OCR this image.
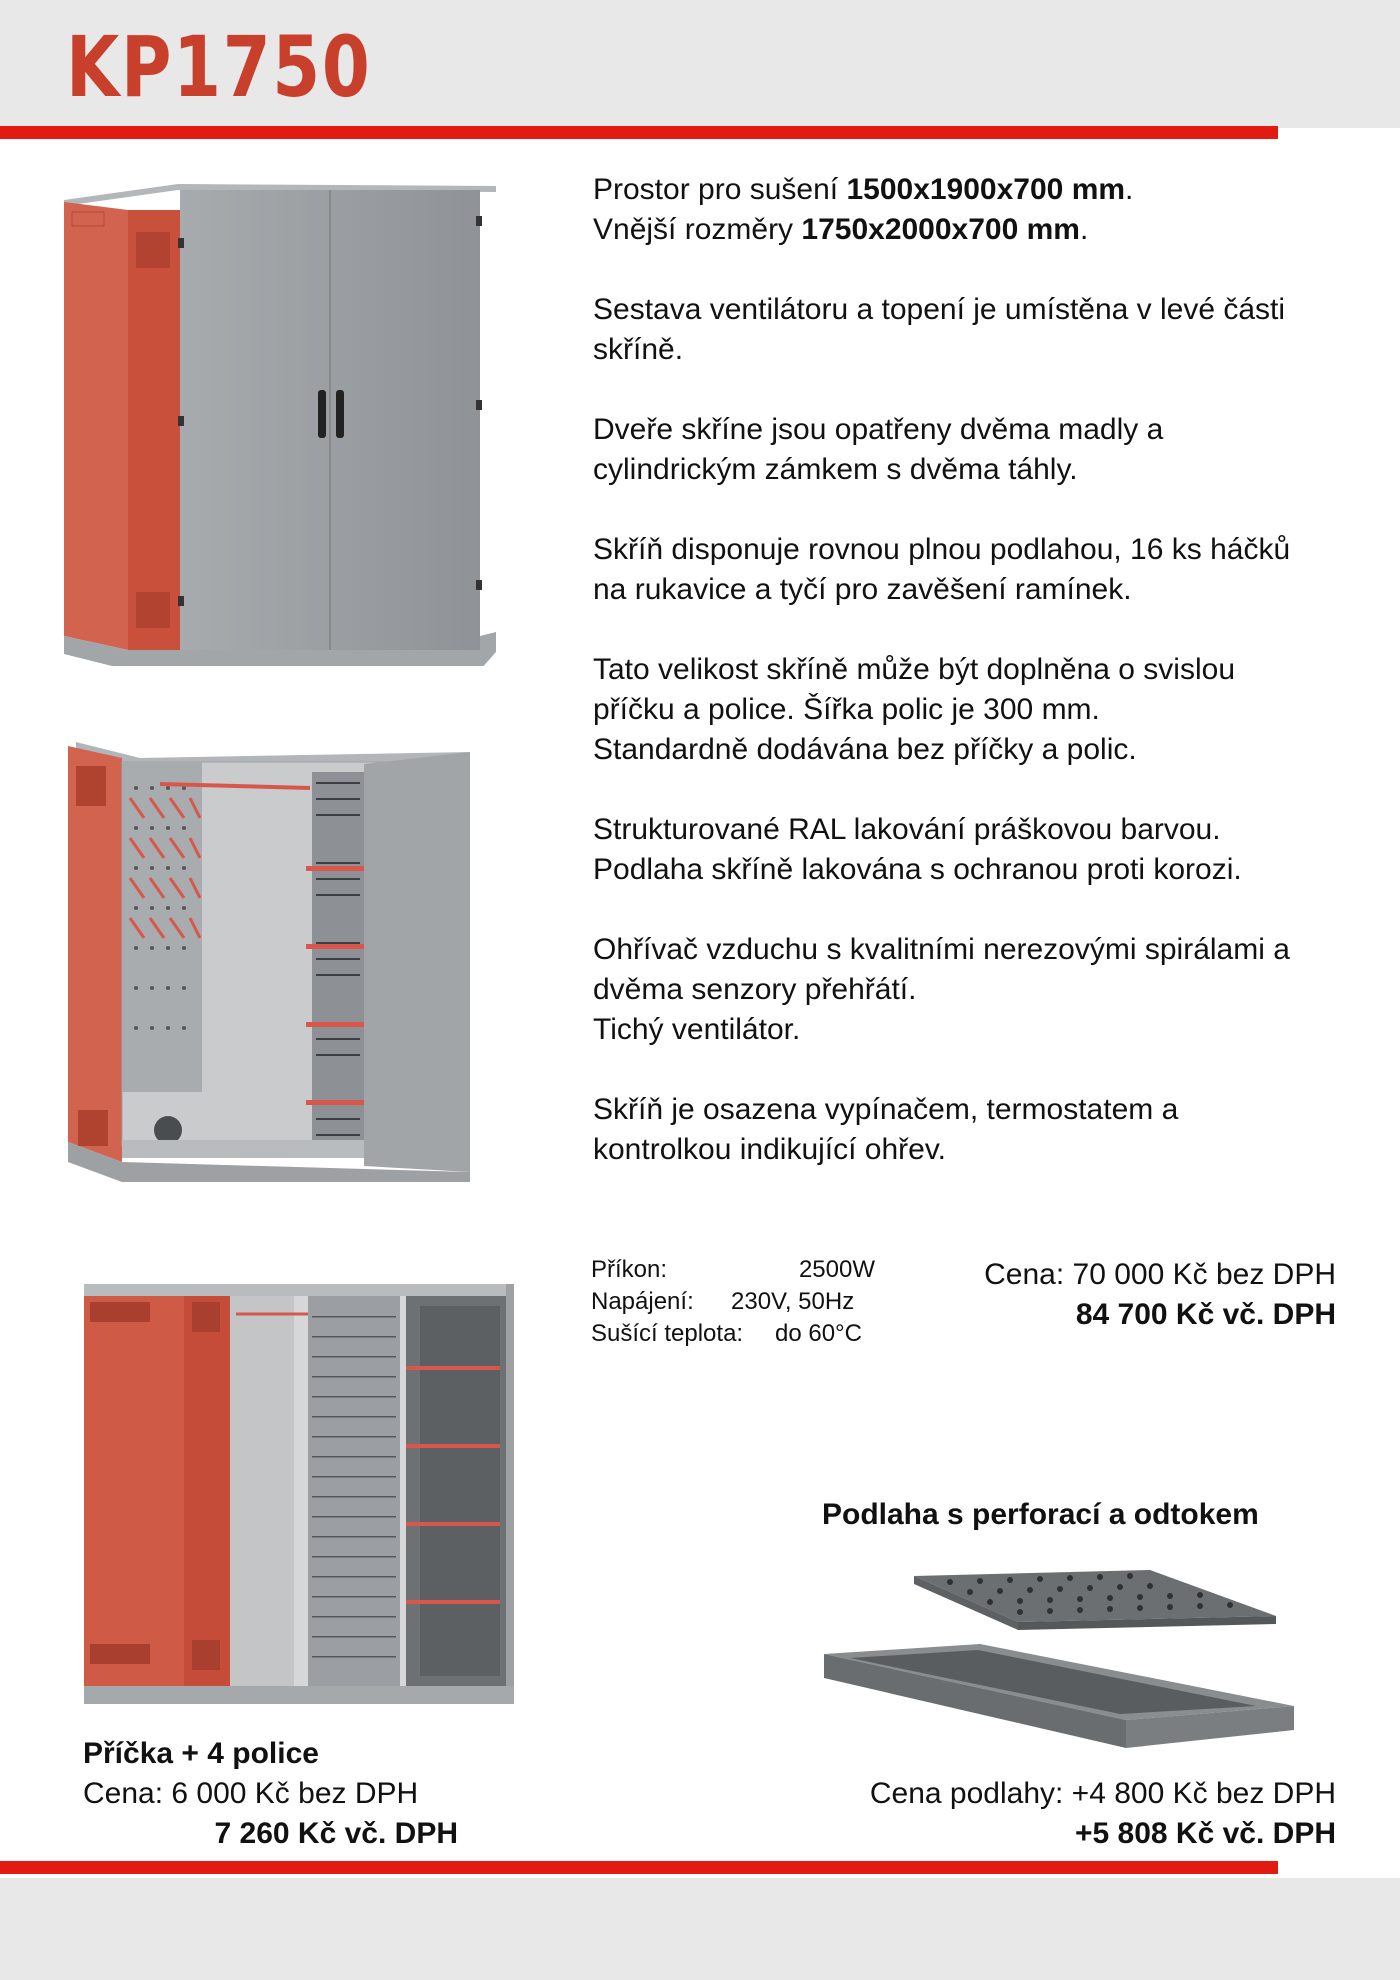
KP1750

Prostor pro sušení 1500x1900x700 mm.
Vnější rozměry 1750x2000x700 mm.

Sestava ventilátoru a topení je umístěna v levé části skříně.

Dveře skříne jsou opatřeny dvěma madly a cylindrickým zámkem s dvěma táhly.

Skříň disponuje rovnou plnou podlahou, 16 ks háčků na rukavice a tyčí pro zavěšení ramínek.

Tato velikost skříně může být doplněna o svislou příčku a police. Šířka polic je 300 mm.
Standardně dodávána bez příčky a polic.

Strukturované RAL lakování práškovou barvou.
Podlaha skříně lakována s ochranou proti korozi.

Ohřívač vzduchu s kvalitními nerezovými spirálami a dvěma senzory přehřátí.
Tichý ventilátor.

Skříň je osazena vypínačem, termostatem a kontrolkou indikující ohřev.

Příkon:	2500W
Napájení: 230V, 50Hz
Sušící teplota: do 60°C
Cena: 70 000 Kč bez DPH
84 700 Kč vč. DPH
Podlaha s perforací a odtokem
Cena podlahy: +4 800 Kč bez DPH
+5 808 Kč vč. DPH
Příčka + 4 police
Cena: 6 000 Kč bez DPH
7 260 Kč vč. DPH
